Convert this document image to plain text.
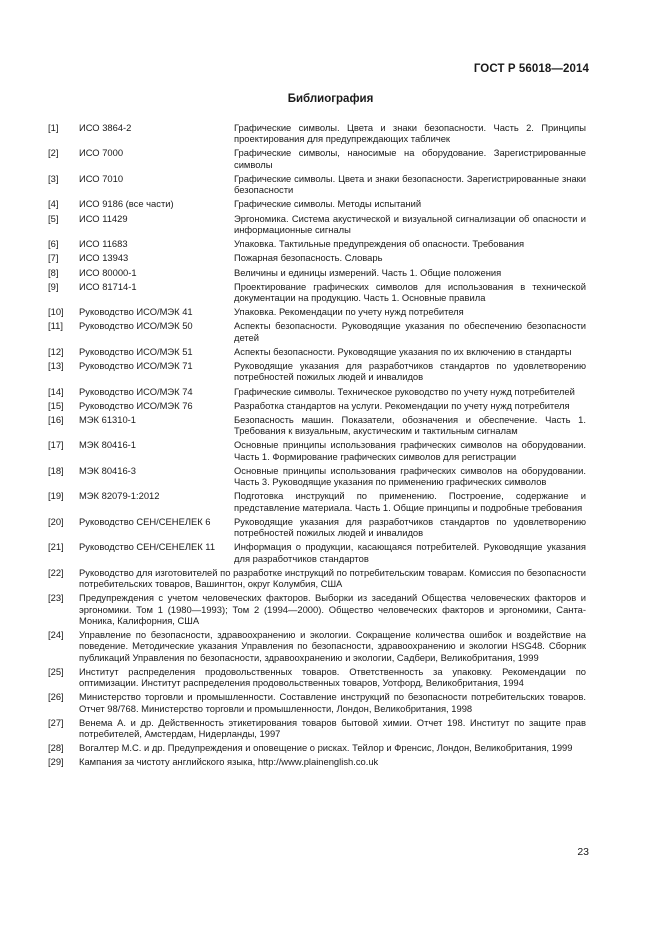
ГОСТ Р 56018—2014
Библиография
[1]	ИСО 3864-2	Графические символы. Цвета и знаки безопасности. Часть 2. Принципы проектирования для предупреждающих табличек
[2]	ИСО 7000	Графические символы, наносимые на оборудование. Зарегистрированные символы
[3]	ИСО 7010	Графические символы. Цвета и знаки безопасности. Зарегистрированные знаки безопасности
[4]	ИСО 9186 (все части)	Графические символы. Методы испытаний
[5]	ИСО 11429	Эргономика. Система акустической и визуальной сигнализации об опасности и информационные сигналы
[6]	ИСО 11683	Упаковка. Тактильные предупреждения об опасности. Требования
[7]	ИСО 13943	Пожарная безопасность. Словарь
[8]	ИСО 80000-1	Величины и единицы измерений. Часть 1. Общие положения
[9]	ИСО 81714-1	Проектирование графических символов для использования в технической документации на продукцию. Часть 1. Основные правила
[10]	Руководство ИСО/МЭК 41	Упаковка. Рекомендации по учету нужд потребителя
[11]	Руководство ИСО/МЭК 50	Аспекты безопасности. Руководящие указания по обеспечению безопасности детей
[12]	Руководство ИСО/МЭК 51	Аспекты безопасности. Руководящие указания по их включению в стандарты
[13]	Руководство ИСО/МЭК 71	Руководящие указания для разработчиков стандартов по удовлетворению потребностей пожилых людей и инвалидов
[14]	Руководство ИСО/МЭК 74	Графические символы. Техническое руководство по учету нужд потребителей
[15]	Руководство ИСО/МЭК 76	Разработка стандартов на услуги. Рекомендации по учету нужд потребителя
[16]	МЭК 61310-1	Безопасность машин. Показатели, обозначения и обеспечение. Часть 1. Требования к визуальным, акустическим и тактильным сигналам
[17]	МЭК 80416-1	Основные принципы использования графических символов на оборудовании. Часть 1. Формирование графических символов для регистрации
[18]	МЭК 80416-3	Основные принципы использования графических символов на оборудовании. Часть 3. Руководящие указания по применению графических символов
[19]	МЭК 82079-1:2012	Подготовка инструкций по применению. Построение, содержание и представление материала. Часть 1. Общие принципы и подробные требования
[20]	Руководство СЕН/СЕНЕЛЕК 6	Руководящие указания для разработчиков стандартов по удовлетворению потребностей пожилых людей и инвалидов
[21]	Руководство СЕН/СЕНЕЛЕК 11	Информация о продукции, касающаяся потребителей. Руководящие указания для разработчиков стандартов
[22]	Руководство для изготовителей по разработке инструкций по потребительским товарам. Комиссия по безопасности потребительских товаров, Вашингтон, округ Колумбия, США
[23]	Предупреждения с учетом человеческих факторов. Выборки из заседаний Общества человеческих факторов и эргономики. Том 1 (1980—1993); Том 2 (1994—2000). Общество человеческих факторов и эргономики, Санта-Моника, Калифорния, США
[24]	Управление по безопасности, здравоохранению и экологии. Сокращение количества ошибок и воздействие на поведение. Методические указания Управления по безопасности, здравоохранению и экологии HSG48. Сборник публикаций Управления по безопасности, здравоохранению и экологии, Садбери, Великобритания, 1999
[25]	Институт распределения продовольственных товаров. Ответственность за упаковку. Рекомендации по оптимизации. Институт распределения продовольственных товаров, Уотфорд, Великобритания, 1994
[26]	Министерство торговли и промышленности. Составление инструкций по безопасности потребительских товаров. Отчет 98/768. Министерство торговли и промышленности, Лондон, Великобритания, 1998
[27]	Венема А. и др. Действенность этикетирования товаров бытовой химии. Отчет 198. Институт по защите прав потребителей, Амстердам, Нидерланды, 1997
[28]	Вогалтер М.С. и др. Предупреждения и оповещение о рисках. Тейлор и Френсис, Лондон, Великобритания, 1999
[29]	Кампания за чистоту английского языка, http://www.plainenglish.co.uk
23
